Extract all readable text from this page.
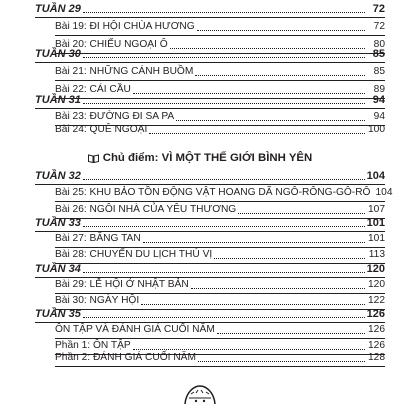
TUẦN 29	72
Bài 19: ĐI HỘI CHÙA HƯƠNG	72
Bài 20: CHIẾU NGOẠI Ô	80
TUẦN 30	85
Bài 21: NHỮNG CÁNH BUỒM	85
Bài 22: CÁI CẦU	89
TUẦN 31	94
Bài 23: ĐƯỜNG ĐI SA PA	94
Bài 24: QUÊ NGOẠI	100
Chủ điểm: VÌ MỘT THẾ GIỚI BÌNH YÊN
TUẦN 32	104
Bài 25: KHU BẢO TỒN ĐỘNG VẬT HOANG DÃ NGÔ-RÔNG-GÔ-RÔ 104
Bài 26: NGÔI NHÀ CỦA YÊU THƯƠNG	107
TUẦN 33	101
Bài 27: BĂNG TAN	101
Bài 28: CHUYẾN DU LỊCH THÚ VỊ	113
TUẦN 34	120
Bài 29: LỄ HỘI Ở NHẬT BẢN	120
Bài 30: NGÀY HỘI	122
TUẦN 35	126
ÔN TẬP VÀ ĐÁNH GIÁ CUỐI NĂM	126
Phần 1: ÔN TẬP	126
Phần 2: ĐÁNH GIÁ CUỐI NĂM	128
